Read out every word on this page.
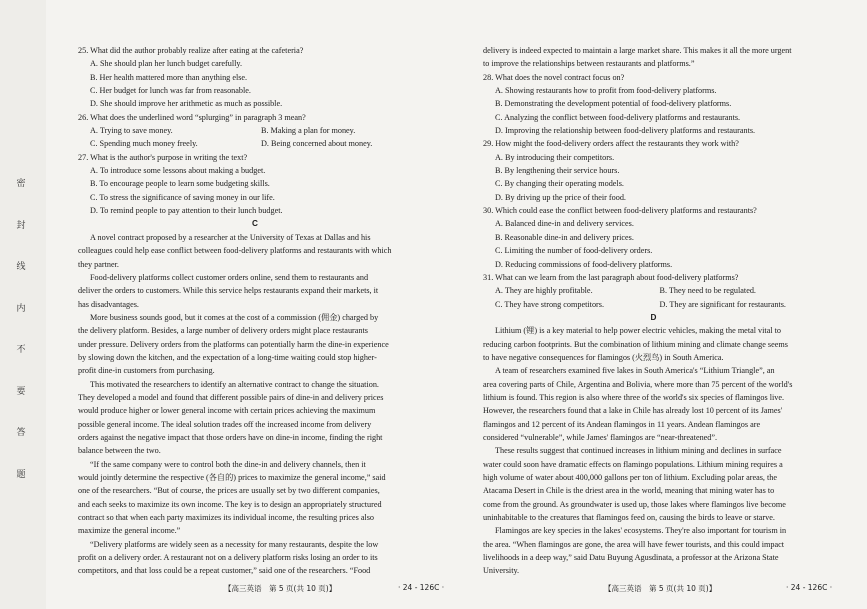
密
封
线
内
不
要
答
题
25. What did the author probably realize after eating at the cafeteria?
A. She should plan her lunch budget carefully.
B. Her health mattered more than anything else.
C. Her budget for lunch was far from reasonable.
D. She should improve her arithmetic as much as possible.
26. What does the underlined word “splurging” in paragraph 3 mean?
A. Trying to save money.	B. Making a plan for money.
C. Spending much money freely.	D. Being concerned about money.
27. What is the author's purpose in writing the text?
A. To introduce some lessons about making a budget.
B. To encourage people to learn some budgeting skills.
C. To stress the significance of saving money in our life.
D. To remind people to pay attention to their lunch budget.
C
A novel contract proposed by a researcher at the University of Texas at Dallas and his
colleagues could help ease conflict between food-delivery platforms and restaurants with which
they partner.
Food-delivery platforms collect customer orders online, send them to restaurants and
deliver the orders to customers. While this service helps restaurants expand their markets, it
has disadvantages.
More business sounds good, but it comes at the cost of a commission (佣金) charged by
the delivery platform. Besides, a large number of delivery orders might place restaurants
under pressure. Delivery orders from the platforms can potentially harm the dine-in experience
by slowing down the kitchen, and the expectation of a long-time waiting could stop higher-
profit dine-in customers from purchasing.
This motivated the researchers to identify an alternative contract to change the situation.
They developed a model and found that different possible pairs of dine-in and delivery prices
would produce higher or lower general income with certain prices achieving the maximum
possible general income. The ideal solution trades off the increased income from delivery
orders against the negative impact that those orders have on dine-in income, finding the right
balance between the two.
“If the same company were to control both the dine-in and delivery channels, then it
would jointly determine the respective (各自的) prices to maximize the general income,” said
one of the researchers. “But of course, the prices are usually set by two different companies,
and each seeks to maximize its own income. The key is to design an appropriately structured
contract so that when each party maximizes its individual income, the resulting prices also
maximize the general income.”
“Delivery platforms are widely seen as a necessity for many restaurants, despite the low
profit on a delivery order. A restaurant not on a delivery platform risks losing an order to its
competitors, and that loss could be a repeat customer,” said one of the researchers. “Food
delivery is indeed expected to maintain a large market share. This makes it all the more urgent
to improve the relationships between restaurants and platforms.”
28. What does the novel contract focus on?
A. Showing restaurants how to profit from food-delivery platforms.
B. Demonstrating the development potential of food-delivery platforms.
C. Analyzing the conflict between food-delivery platforms and restaurants.
D. Improving the relationship between food-delivery platforms and restaurants.
29. How might the food-delivery orders affect the restaurants they work with?
A. By introducing their competitors.
B. By lengthening their service hours.
C. By changing their operating models.
D. By driving up the price of their food.
30. Which could ease the conflict between food-delivery platforms and restaurants?
A. Balanced dine-in and delivery services.
B. Reasonable dine-in and delivery prices.
C. Limiting the number of food-delivery orders.
D. Reducing commissions of food-delivery platforms.
31. What can we learn from the last paragraph about food-delivery platforms?
A. They are highly profitable.	B. They need to be regulated.
C. They have strong competitors.	D. They are significant for restaurants.
D
Lithium (锂) is a key material to help power electric vehicles, making the metal vital to
reducing carbon footprints. But the combination of lithium mining and climate change seems
to have negative consequences for flamingos (火烈鸟) in South America.
A team of researchers examined five lakes in South America's “Lithium Triangle”, an
area covering parts of Chile, Argentina and Bolivia, where more than 75 percent of the world's
lithium is found. This region is also where three of the world's six species of flamingos live.
However, the researchers found that a lake in Chile has already lost 10 percent of its James'
flamingos and 12 percent of its Andean flamingos in 11 years. Andean flamingos are
considered “vulnerable”, while James' flamingos are “near-threatened”.
These results suggest that continued increases in lithium mining and declines in surface
water could soon have dramatic effects on flamingo populations. Lithium mining requires a
high volume of water about 400,000 gallons per ton of lithium. Excluding polar areas, the
Atacama Desert in Chile is the driest area in the world, meaning that mining water has to
come from the ground. As groundwater is used up, those lakes where flamingos live become
uninhabitable to the creatures that flamingos feed on, causing the birds to leave or starve.
Flamingos are key species in the lakes' ecosystems. They're also important for tourism in
the area. “When flamingos are gone, the area will have fewer tourists, and this could impact
livelihoods in a deep way,” said Datu Buyung Agusdinata, a professor at the Arizona State
University.
【高三英语　第 5 页(共 10 页)】	· 24 - 126C ·	【高三英语　第 5 页(共 10 页)】	· 24 - 126C ·
